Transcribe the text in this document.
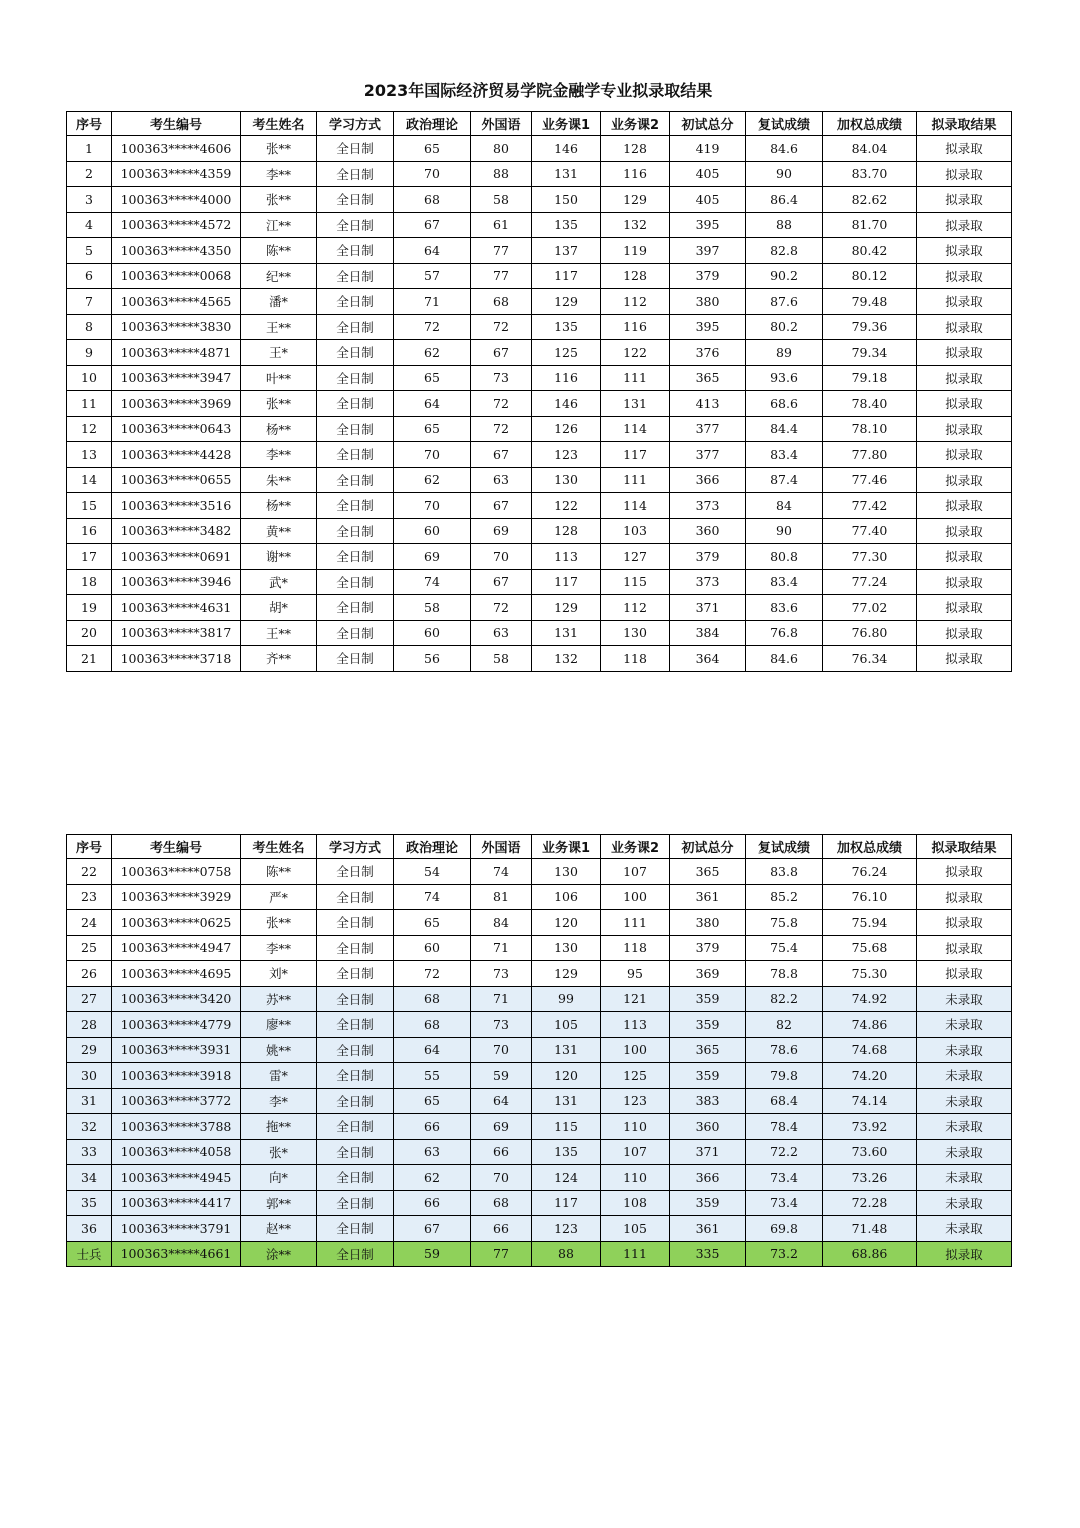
2023年国际经济贸易学院金融学专业拟录取结果
序号	考生编号	考生姓名	学习方式	政治理论	外国语	业务课1	业务课2	初试总分	复试成绩	加权总成绩	拟录取结果
1	100363*****4606	张**	全日制	65	80	146	128	419	84.6	84.04	拟录取
2	100363*****4359	李**	全日制	70	88	131	116	405	90	83.70	拟录取
3	100363*****4000	张**	全日制	68	58	150	129	405	86.4	82.62	拟录取
4	100363*****4572	江**	全日制	67	61	135	132	395	88	81.70	拟录取
5	100363*****4350	陈**	全日制	64	77	137	119	397	82.8	80.42	拟录取
6	100363*****0068	纪**	全日制	57	77	117	128	379	90.2	80.12	拟录取
7	100363*****4565	潘*	全日制	71	68	129	112	380	87.6	79.48	拟录取
8	100363*****3830	王**	全日制	72	72	135	116	395	80.2	79.36	拟录取
9	100363*****4871	王*	全日制	62	67	125	122	376	89	79.34	拟录取
10	100363*****3947	叶**	全日制	65	73	116	111	365	93.6	79.18	拟录取
11	100363*****3969	张**	全日制	64	72	146	131	413	68.6	78.40	拟录取
12	100363*****0643	杨**	全日制	65	72	126	114	377	84.4	78.10	拟录取
13	100363*****4428	李**	全日制	70	67	123	117	377	83.4	77.80	拟录取
14	100363*****0655	朱**	全日制	62	63	130	111	366	87.4	77.46	拟录取
15	100363*****3516	杨**	全日制	70	67	122	114	373	84	77.42	拟录取
16	100363*****3482	黄**	全日制	60	69	128	103	360	90	77.40	拟录取
17	100363*****0691	谢**	全日制	69	70	113	127	379	80.8	77.30	拟录取
18	100363*****3946	武*	全日制	74	67	117	115	373	83.4	77.24	拟录取
19	100363*****4631	胡*	全日制	58	72	129	112	371	83.6	77.02	拟录取
20	100363*****3817	王**	全日制	60	63	131	130	384	76.8	76.80	拟录取
21	100363*****3718	齐**	全日制	56	58	132	118	364	84.6	76.34	拟录取
序号	考生编号	考生姓名	学习方式	政治理论	外国语	业务课1	业务课2	初试总分	复试成绩	加权总成绩	拟录取结果
22	100363*****0758	陈**	全日制	54	74	130	107	365	83.8	76.24	拟录取
23	100363*****3929	严*	全日制	74	81	106	100	361	85.2	76.10	拟录取
24	100363*****0625	张**	全日制	65	84	120	111	380	75.8	75.94	拟录取
25	100363*****4947	李**	全日制	60	71	130	118	379	75.4	75.68	拟录取
26	100363*****4695	刘*	全日制	72	73	129	95	369	78.8	75.30	拟录取
27	100363*****3420	苏**	全日制	68	71	99	121	359	82.2	74.92	未录取
28	100363*****4779	廖**	全日制	68	73	105	113	359	82	74.86	未录取
29	100363*****3931	姚**	全日制	64	70	131	100	365	78.6	74.68	未录取
30	100363*****3918	雷*	全日制	55	59	120	125	359	79.8	74.20	未录取
31	100363*****3772	李*	全日制	65	64	131	123	383	68.4	74.14	未录取
32	100363*****3788	拖**	全日制	66	69	115	110	360	78.4	73.92	未录取
33	100363*****4058	张*	全日制	63	66	135	107	371	72.2	73.60	未录取
34	100363*****4945	向*	全日制	62	70	124	110	366	73.4	73.26	未录取
35	100363*****4417	郭**	全日制	66	68	117	108	359	73.4	72.28	未录取
36	100363*****3791	赵**	全日制	67	66	123	105	361	69.8	71.48	未录取
士兵	100363*****4661	涂**	全日制	59	77	88	111	335	73.2	68.86	拟录取
